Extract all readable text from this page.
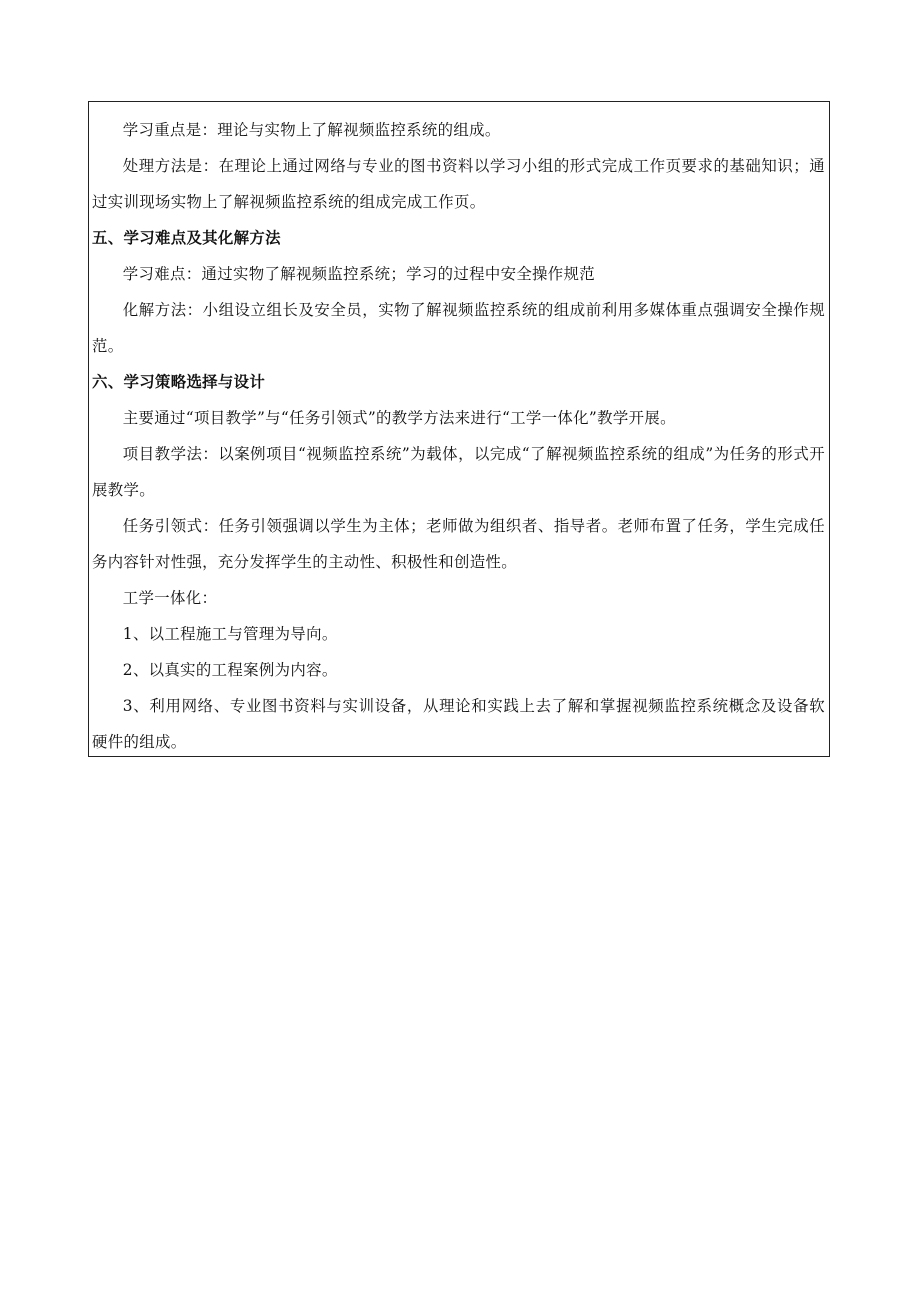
学习重点是：理论与实物上了解视频监控系统的组成。

处理方法是：在理论上通过网络与专业的图书资料以学习小组的形式完成工作页要求的基础知识；通过实训现场实物上了解视频监控系统的组成完成工作页。

五、学习难点及其化解方法

学习难点：通过实物了解视频监控系统；学习的过程中安全操作规范

化解方法：小组设立组长及安全员，实物了解视频监控系统的组成前利用多媒体重点强调安全操作规范。

六、学习策略选择与设计

主要通过“项目教学”与“任务引领式”的教学方法来进行“工学一体化”教学开展。

项目教学法：以案例项目“视频监控系统”为载体，以完成“了解视频监控系统的组成”为任务的形式开展教学。

任务引领式：任务引领强调以学生为主体；老师做为组织者、指导者。老师布置了任务，学生完成任务内容针对性强，充分发挥学生的主动性、积极性和创造性。

工学一体化：

1、以工程施工与管理为导向。

2、以真实的工程案例为内容。

3、利用网络、专业图书资料与实训设备，从理论和实践上去了解和掌握视频监控系统概念及设备软硬件的组成。
